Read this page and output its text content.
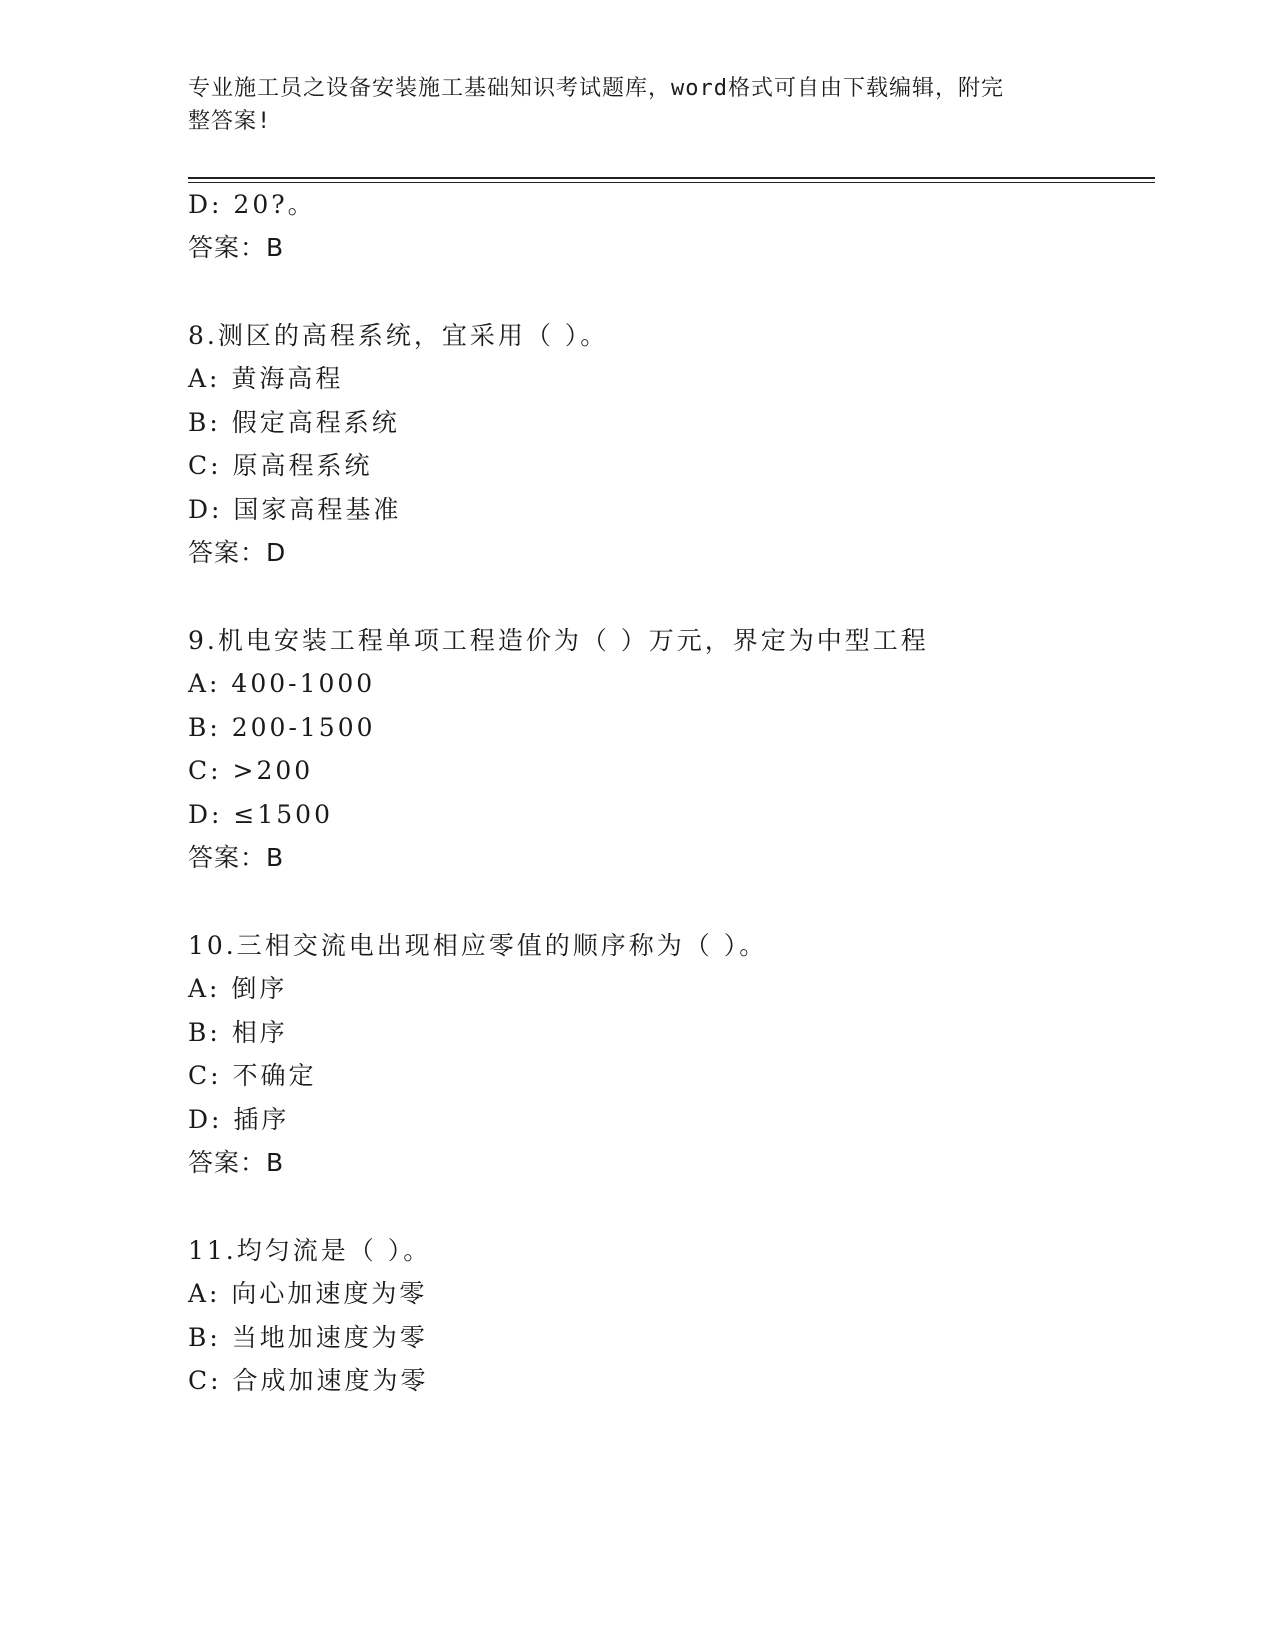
专业施工员之设备安装施工基础知识考试题库，word格式可自由下载编辑，附完
整答案!
D: 20?。
答案：B
8.测区的高程系统，宜采用（ ）。
A: 黄海高程
B: 假定高程系统
C: 原高程系统
D: 国家高程基准
答案：D
9.机电安装工程单项工程造价为（ ）万元，界定为中型工程
A: 400-1000
B: 200-1500
C: >200
D: ≤1500
答案：B
10.三相交流电出现相应零值的顺序称为（ ）。
A: 倒序
B: 相序
C: 不确定
D: 插序
答案：B
11.均匀流是（ ）。
A: 向心加速度为零
B: 当地加速度为零
C: 合成加速度为零
